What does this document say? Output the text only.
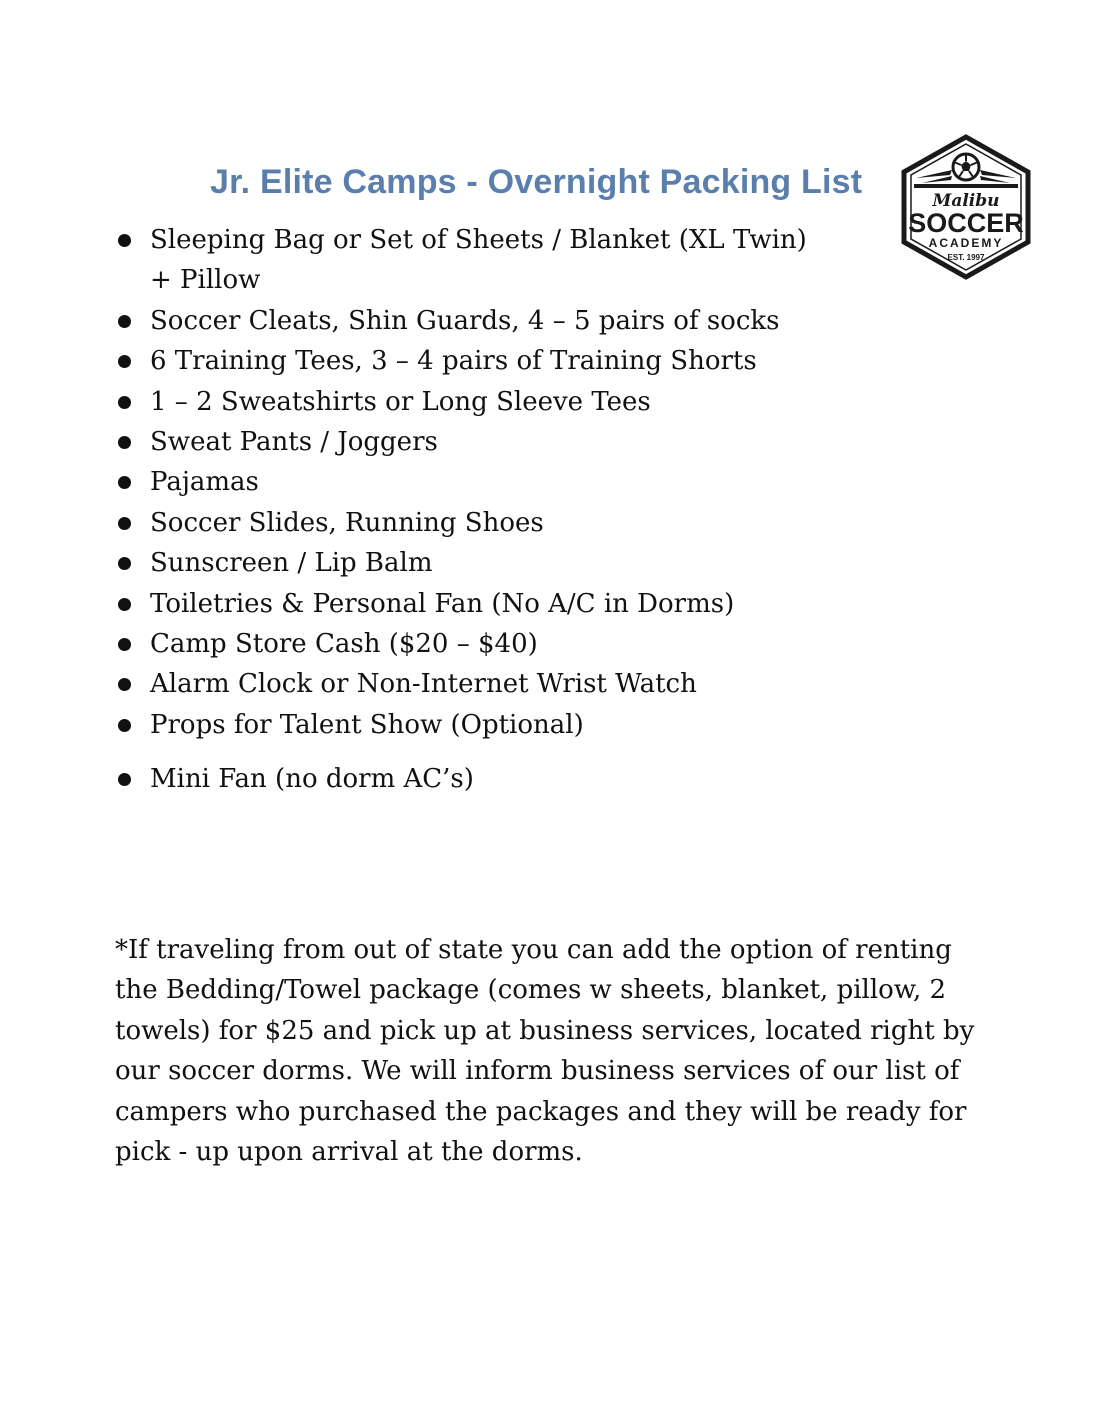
Jr. Elite Camps - Overnight Packing List
Malibu
SOCCER
ACADEMY
EST. 1997
Sleeping Bag or Set of Sheets / Blanket (XL Twin) + Pillow
Soccer Cleats, Shin Guards, 4 – 5 pairs of socks
6 Training Tees, 3 – 4 pairs of Training Shorts
1 – 2 Sweatshirts or Long Sleeve Tees
Sweat Pants / Joggers
Pajamas
Soccer Slides, Running Shoes
Sunscreen / Lip Balm
Toiletries & Personal Fan (No A/C in Dorms)
Camp Store Cash ($20 – $40)
Alarm Clock or Non-Internet Wrist Watch
Props for Talent Show (Optional)
Mini Fan (no dorm AC’s)

*If traveling from out of state you can add the option of renting the Bedding/Towel package (comes w sheets, blanket, pillow, 2 towels) for $25 and pick up at business services, located right by our soccer dorms. We will inform business services of our list of campers who purchased the packages and they will be ready for pick - up upon arrival at the dorms.
